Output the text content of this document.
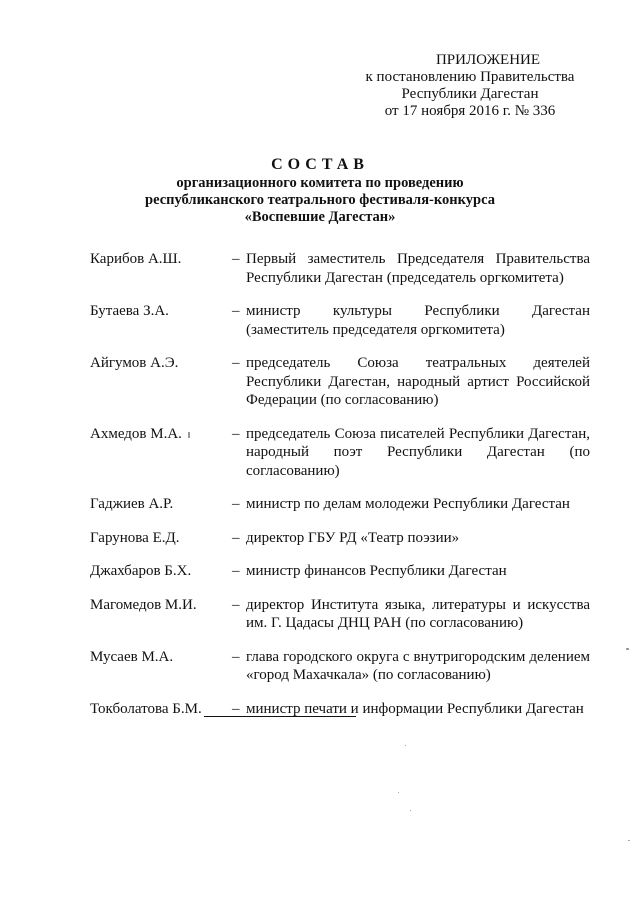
ПРИЛОЖЕНИЕ
к постановлению Правительства
Республики Дагестан
от 17 ноября 2016 г. № 336
СОСТАВ
организационного комитета по проведению
республиканского театрального фестиваля-конкурса
«Воспевшие Дагестан»
Карибов А.Ш.	– Первый заместитель Председателя Правительства Республики Дагестан (председатель оргкомитета)
Бутаева З.А.	– министр культуры Республики Дагестан (заместитель председателя оргкомитета)
Айгумов А.Э.	– председатель Союза театральных деятелей Республики Дагестан, народный артист Российской Федерации (по согласованию)
Ахмедов М.А.	– председатель Союза писателей Республики Дагестан, народный поэт Республики Дагестан (по согласованию)
Гаджиев А.Р.	– министр по делам молодежи Республики Дагестан
Гарунова Е.Д.	– директор ГБУ РД «Театр поэзии»
Джахбаров Б.Х.	– министр финансов Республики Дагестан
Магомедов М.И.	– директор Института языка, литературы и искусства им. Г. Цадасы ДНЦ РАН (по согласованию)
Мусаев М.А.	– глава городского округа с внутригородским делением «город Махачкала» (по согласованию)
Токболатова Б.М.	– министр печати и информации Республики Дагестан
